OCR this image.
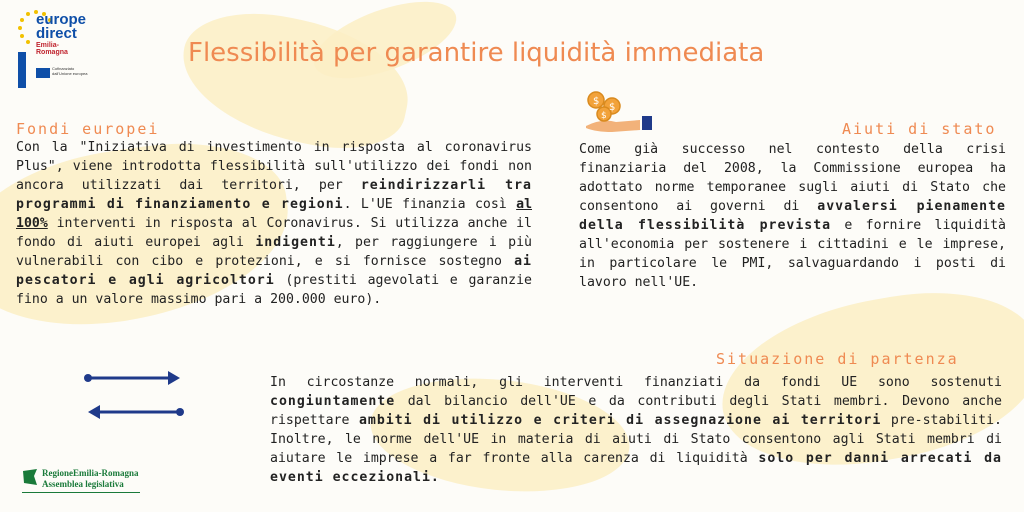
europe
direct
Emilia-Romagna
Cofinanziato dall'Unione europea
Flessibilità per garantire liquidità immediata
Fondi europei
Con la "Iniziativa di investimento in risposta al coronavirus Plus", viene introdotta flessibilità sull'utilizzo dei fondi non ancora utilizzati dai territori, per reindirizzarli tra programmi di finanziamento e regioni. L'UE finanzia così al 100% interventi in risposta al Coronavirus. Si utilizza anche il fondo di aiuti europei agli indigenti, per raggiungere i più vulnerabili con cibo e protezioni, e si fornisce sostegno ai pescatori e agli agricoltori (prestiti agevolati e garanzie fino a un valore massimo pari a 200.000 euro).
$
$
$
Aiuti di stato
Come già successo nel contesto della crisi finanziaria del 2008, la Commissione europea ha adottato norme temporanee sugli aiuti di Stato che consentono ai governi di avvalersi pienamente della flessibilità prevista e fornire liquidità all'economia per sostenere i cittadini e le imprese, in particolare le PMI, salvaguardando i posti di lavoro nell'UE.
Situazione di partenza
In circostanze normali, gli interventi finanziati da fondi UE sono sostenuti congiuntamente dal bilancio dell'UE e da contributi degli Stati membri. Devono anche rispettare ambiti di utilizzo e criteri di assegnazione ai territori pre-stabiliti. Inoltre, le norme dell'UE in materia di aiuti di Stato consentono agli Stati membri di aiutare le imprese a far fronte alla carenza di liquidità solo per danni arrecati da eventi eccezionali.
RegioneEmilia-Romagna
Assemblea legislativa
